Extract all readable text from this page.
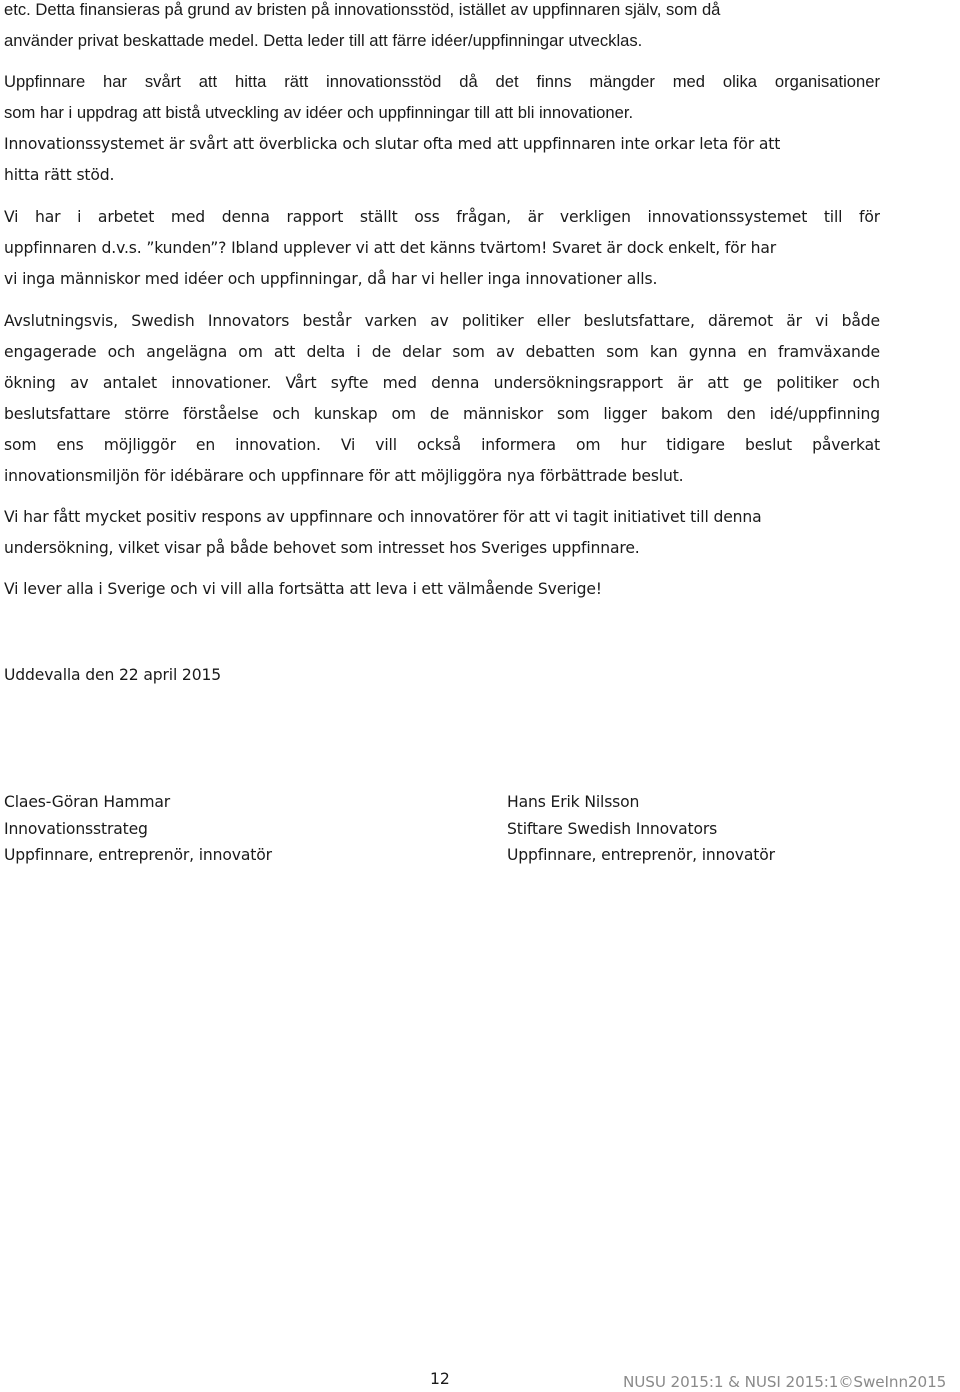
etc. Detta finansieras på grund av bristen på innovationsstöd, istället av uppfinnaren själv, som då
använder privat beskattade medel. Detta leder till att färre idéer/uppfinningar utvecklas.
Uppfinnare har svårt att hitta rätt innovationsstöd då det finns mängder med olika organisationer
som har i uppdrag att bistå utveckling av idéer och uppfinningar till att bli innovationer.
Innovationssystemet är svårt att överblicka och slutar ofta med att uppfinnaren inte orkar leta för att
hitta rätt stöd.
Vi har i arbetet med denna rapport ställt oss frågan, är verkligen innovationssystemet till för
uppfinnaren d.v.s. ”kunden”? Ibland upplever vi att det känns tvärtom! Svaret är dock enkelt, för har
vi inga människor med idéer och uppfinningar, då har vi heller inga innovationer alls.
Avslutningsvis, Swedish Innovators består varken av politiker eller beslutsfattare, däremot är vi både
engagerade och angelägna om att delta i de delar som av debatten som kan gynna en framväxande
ökning av antalet innovationer. Vårt syfte med denna undersökningsrapport är att ge politiker och
beslutsfattare större förståelse och kunskap om de människor som ligger bakom den idé/uppfinning
som ens möjliggör en innovation. Vi vill också informera om hur tidigare beslut påverkat
innovationsmiljön för idébärare och uppfinnare för att möjliggöra nya förbättrade beslut.
Vi har fått mycket positiv respons av uppfinnare och innovatörer för att vi tagit initiativet till denna
undersökning, vilket visar på både behovet som intresset hos Sveriges uppfinnare.
Vi lever alla i Sverige och vi vill alla fortsätta att leva i ett välmående Sverige!
Uddevalla den 22 april 2015
Claes-Göran Hammar
Innovationsstrateg
Uppfinnare, entreprenör, innovatör
Hans Erik Nilsson
Stiftare Swedish Innovators
Uppfinnare, entreprenör, innovatör
12	NUSU 2015:1 & NUSI 2015:1©SweInn2015
